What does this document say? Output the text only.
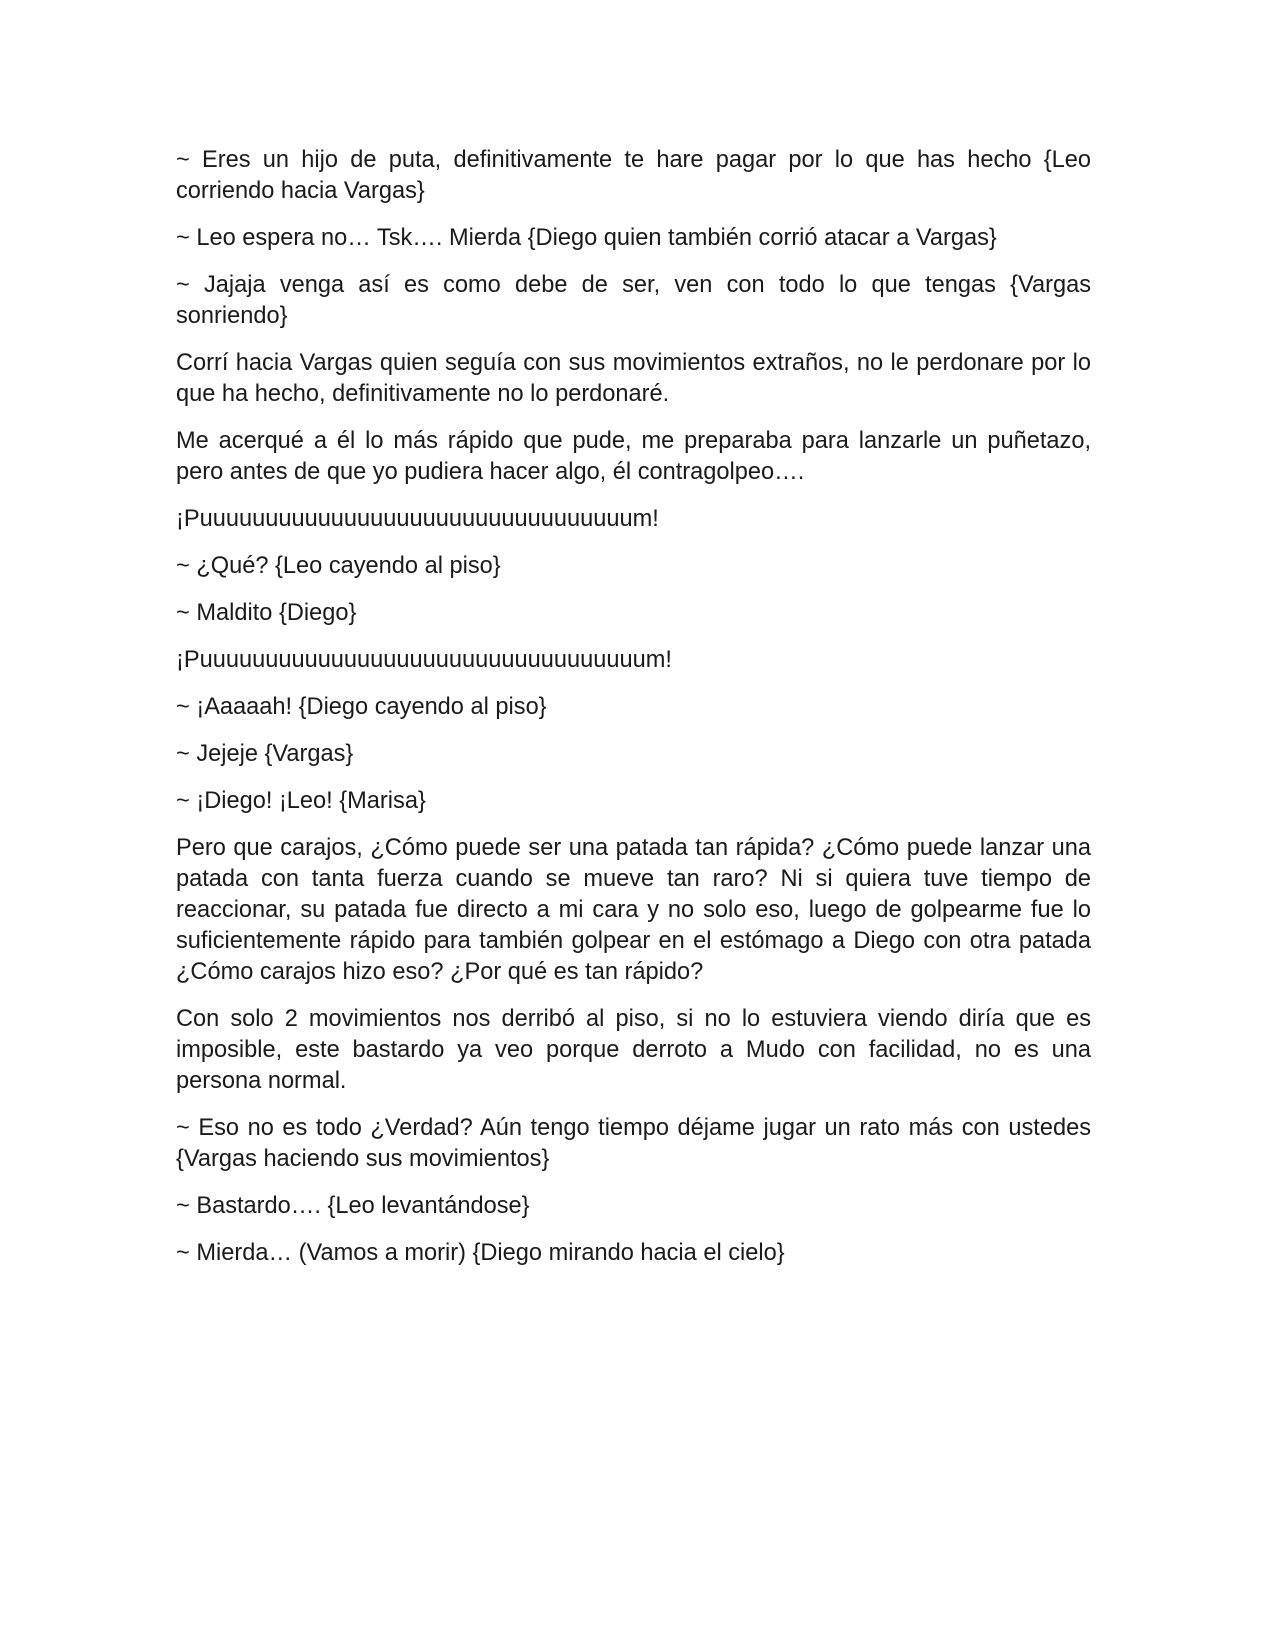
~ Eres un hijo de puta, definitivamente te hare pagar por lo que has hecho {Leo corriendo hacia Vargas}

~ Leo espera no… Tsk…. Mierda {Diego quien también corrió atacar a Vargas}

~ Jajaja venga así es como debe de ser, ven con todo lo que tengas {Vargas sonriendo}

Corrí hacia Vargas quien seguía con sus movimientos extraños, no le perdonare por lo que ha hecho, definitivamente no lo perdonaré.

Me acerqué a él lo más rápido que pude, me preparaba para lanzarle un puñetazo, pero antes de que yo pudiera hacer algo, él contragolpeo….

¡Puuuuuuuuuuuuuuuuuuuuuuuuuuuuuuuuum!

~ ¿Qué? {Leo cayendo al piso}

~ Maldito {Diego}

¡Puuuuuuuuuuuuuuuuuuuuuuuuuuuuuuuuuum!

~ ¡Aaaaah! {Diego cayendo al piso}

~ Jejeje {Vargas}

~ ¡Diego! ¡Leo! {Marisa}

Pero que carajos, ¿Cómo puede ser una patada tan rápida? ¿Cómo puede lanzar una patada con tanta fuerza cuando se mueve tan raro? Ni si quiera tuve tiempo de reaccionar, su patada fue directo a mi cara y no solo eso, luego de golpearme fue lo suficientemente rápido para también golpear en el estómago a Diego con otra patada ¿Cómo carajos hizo eso? ¿Por qué es tan rápido?

Con solo 2 movimientos nos derribó al piso, si no lo estuviera viendo diría que es imposible, este bastardo ya veo porque derroto a Mudo con facilidad, no es una persona normal.

~ Eso no es todo ¿Verdad? Aún tengo tiempo déjame jugar un rato más con ustedes {Vargas haciendo sus movimientos}

~ Bastardo…. {Leo levantándose}

~ Mierda… (Vamos a morir) {Diego mirando hacia el cielo}
